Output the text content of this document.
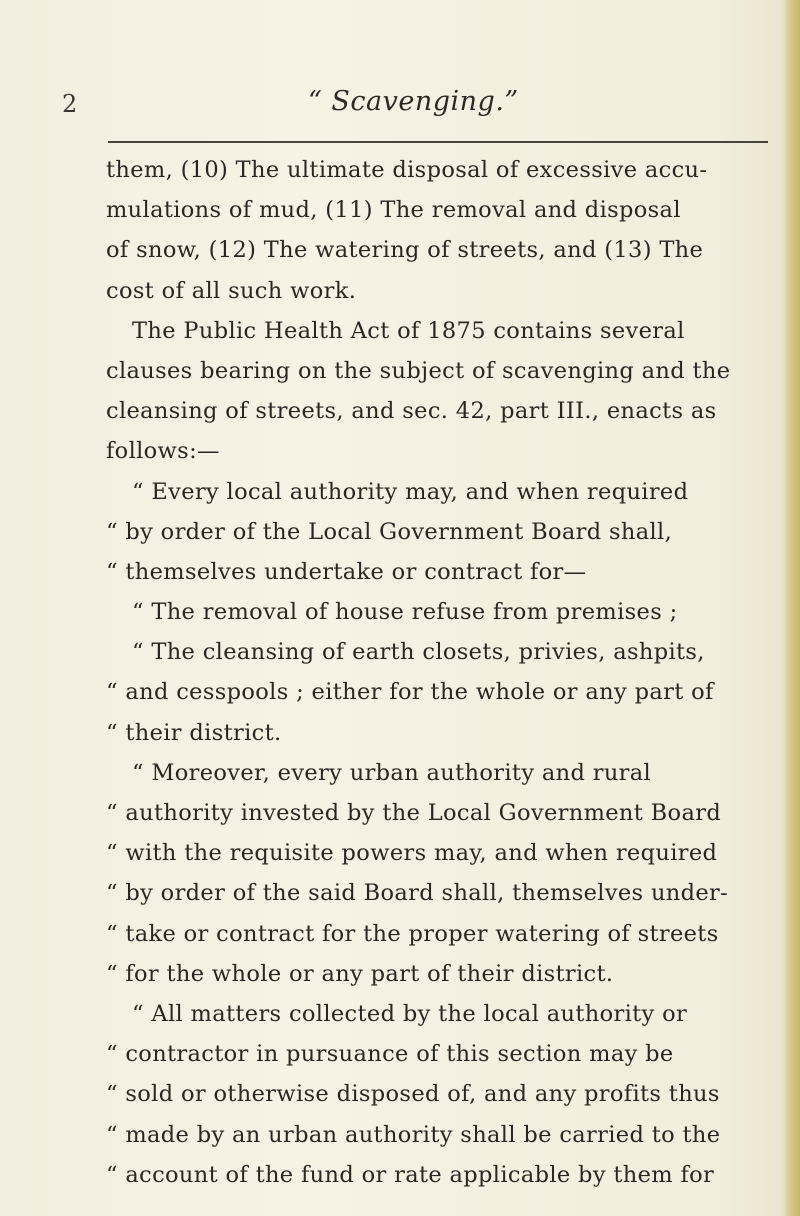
2	“ Scavenging.”
them, (10) The ultimate disposal of excessive accu-
mulations of mud, (11) The removal and disposal
of snow, (12) The watering of streets, and (13) The
cost of all such work.
The Public Health Act of 1875 contains several
clauses bearing on the subject of scavenging and the
cleansing of streets, and sec. 42, part III., enacts as
follows:—
“ Every local authority may, and when required
“ by order of the Local Government Board shall,
“ themselves undertake or contract for—
“ The removal of house refuse from premises ;
“ The cleansing of earth closets, privies, ashpits,
“ and cesspools ; either for the whole or any part of
“ their district.
“ Moreover, every urban authority and rural
“ authority invested by the Local Government Board
“ with the requisite powers may, and when required
“ by order of the said Board shall, themselves under-
“ take or contract for the proper watering of streets
“ for the whole or any part of their district.
“ All matters collected by the local authority or
“ contractor in pursuance of this section may be
“ sold or otherwise disposed of, and any profits thus
“ made by an urban authority shall be carried to the
“ account of the fund or rate applicable by them for
